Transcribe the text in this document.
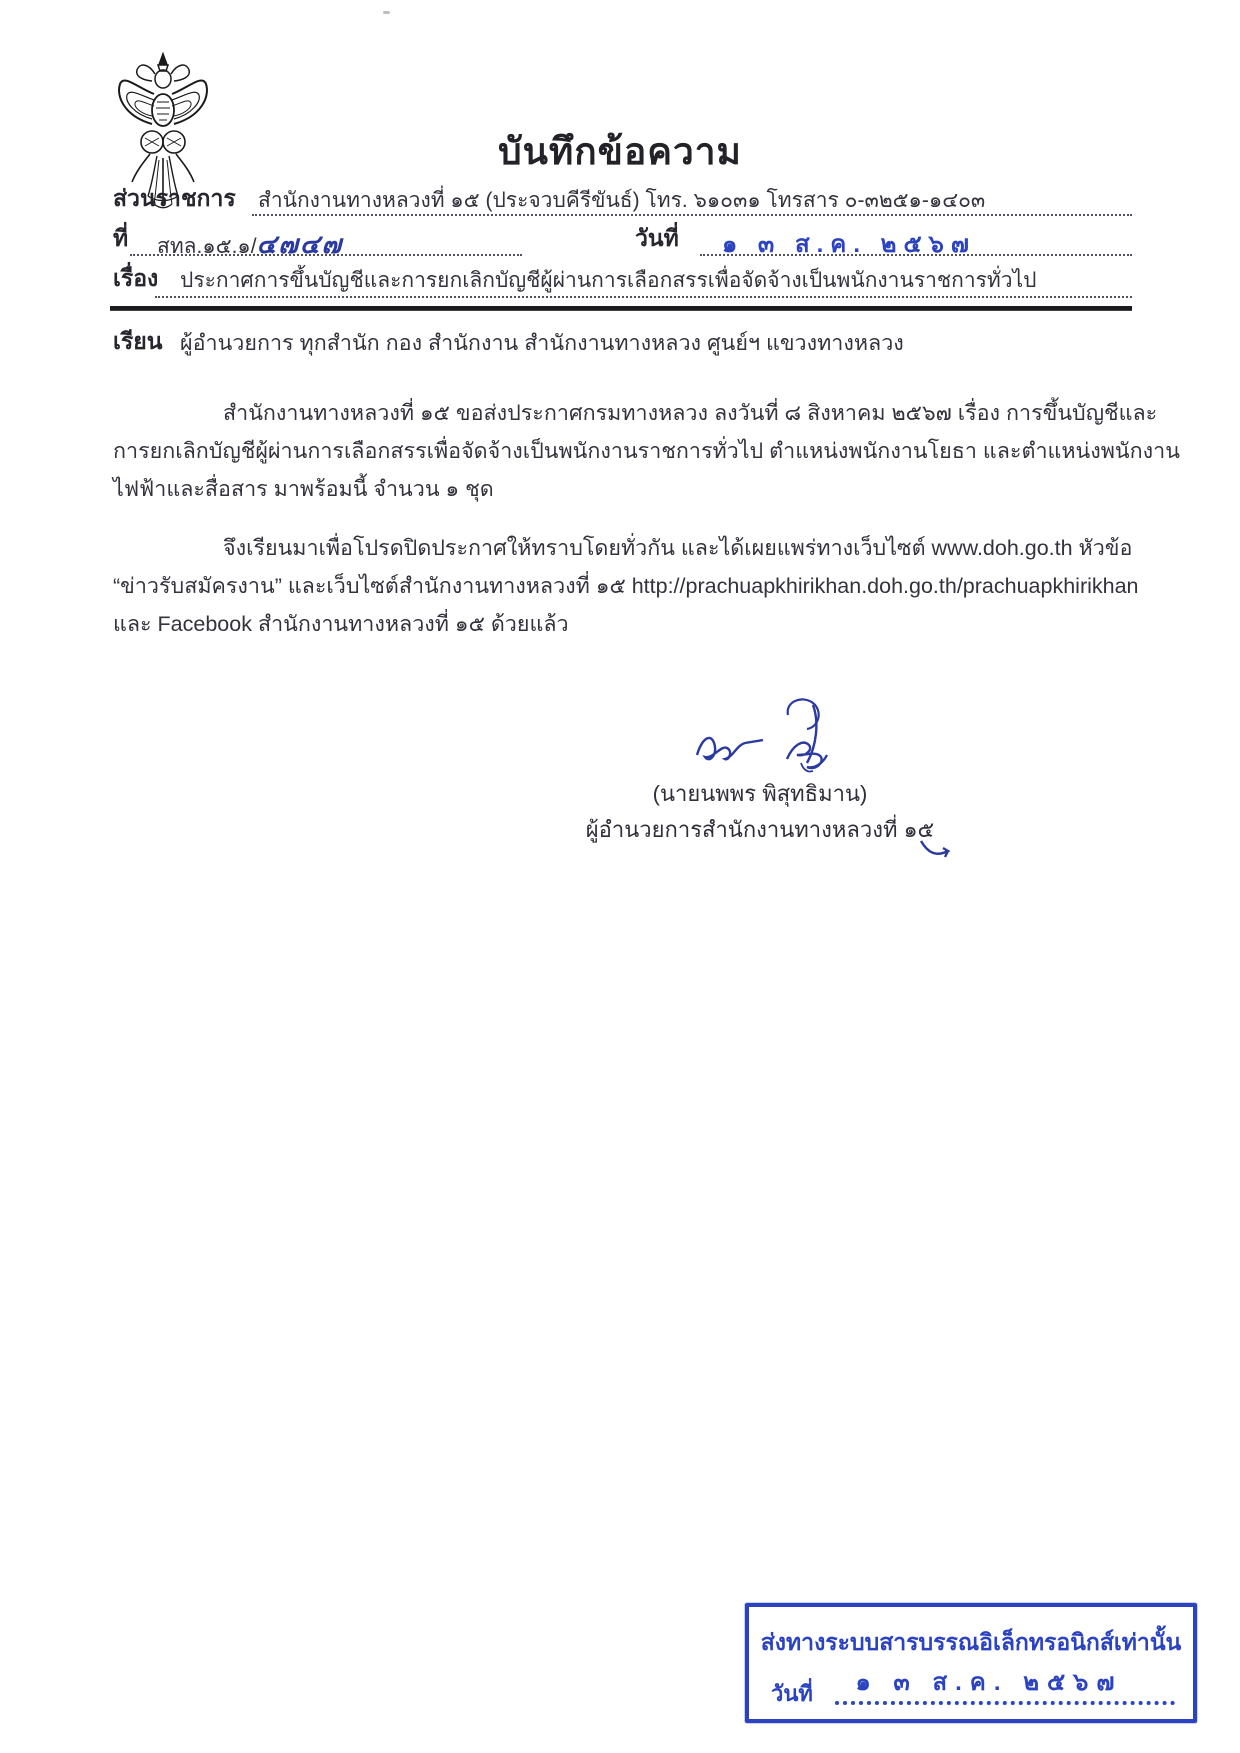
บันทึกข้อความ
ส่วนราชการ สำนักงานทางหลวงที่ ๑๕ (ประจวบคีรีขันธ์) โทร. ๖๑๐๓๑ โทรสาร ๐-๓๒๕๑-๑๔๐๓
ที่ สทล.๑๕.๑/๔๗๔๗	วันที่ ๑ ๓ ส.ค. ๒๕๖๗
เรื่อง ประกาศการขึ้นบัญชีและการยกเลิกบัญชีผู้ผ่านการเลือกสรรเพื่อจัดจ้างเป็นพนักงานราชการทั่วไป
เรียน ผู้อำนวยการ ทุกสำนัก กอง สำนักงาน สำนักงานทางหลวง ศูนย์ฯ แขวงทางหลวง
สำนักงานทางหลวงที่ ๑๕ ขอส่งประกาศกรมทางหลวง ลงวันที่ ๘ สิงหาคม ๒๕๖๗ เรื่อง การขึ้นบัญชีและ
การยกเลิกบัญชีผู้ผ่านการเลือกสรรเพื่อจัดจ้างเป็นพนักงานราชการทั่วไป ตำแหน่งพนักงานโยธา และตำแหน่งพนักงาน
ไฟฟ้าและสื่อสาร มาพร้อมนี้ จำนวน ๑ ชุด
จึงเรียนมาเพื่อโปรดปิดประกาศให้ทราบโดยทั่วกัน และได้เผยแพร่ทางเว็บไซต์ www.doh.go.th หัวข้อ
“ข่าวรับสมัครงาน” และเว็บไซต์สำนักงานทางหลวงที่ ๑๕ http://prachuapkhirikhan.doh.go.th/prachuapkhirikhan
และ Facebook สำนักงานทางหลวงที่ ๑๕ ด้วยแล้ว
(นายนพพร พิสุทธิมาน)
ผู้อำนวยการสำนักงานทางหลวงที่ ๑๕
ส่งทางระบบสารบรรณอิเล็กทรอนิกส์เท่านั้น
วันที่	๑ ๓ ส.ค. ๒๕๖๗
